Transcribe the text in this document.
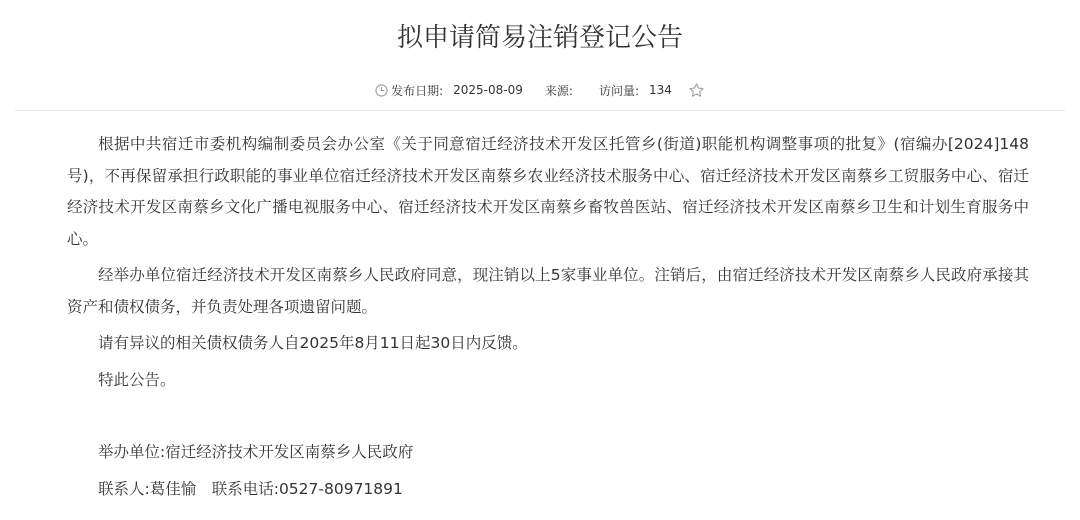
拟申请简易注销登记公告
发布日期: 2025-08-09 来源: 访问量: 134

根据中共宿迁市委机构编制委员会办公室《关于同意宿迁经济技术开发区托管乡(街道)职能机构调整事项的批复》(宿编办[2024]148号)，不再保留承担行政职能的事业单位宿迁经济技术开发区南蔡乡农业经济技术服务中心、宿迁经济技术开发区南蔡乡工贸服务中心、宿迁经济技术开发区南蔡乡文化广播电视服务中心、宿迁经济技术开发区南蔡乡畜牧兽医站、宿迁经济技术开发区南蔡乡卫生和计划生育服务中心。

经举办单位宿迁经济技术开发区南蔡乡人民政府同意，现注销以上5家事业单位。注销后，由宿迁经济技术开发区南蔡乡人民政府承接其资产和债权债务，并负责处理各项遗留问题。

请有异议的相关债权债务人自2025年8月11日起30日内反馈。

特此公告。

举办单位:宿迁经济技术开发区南蔡乡人民政府

联系人:葛佳愉　联系电话:0527-80971891
